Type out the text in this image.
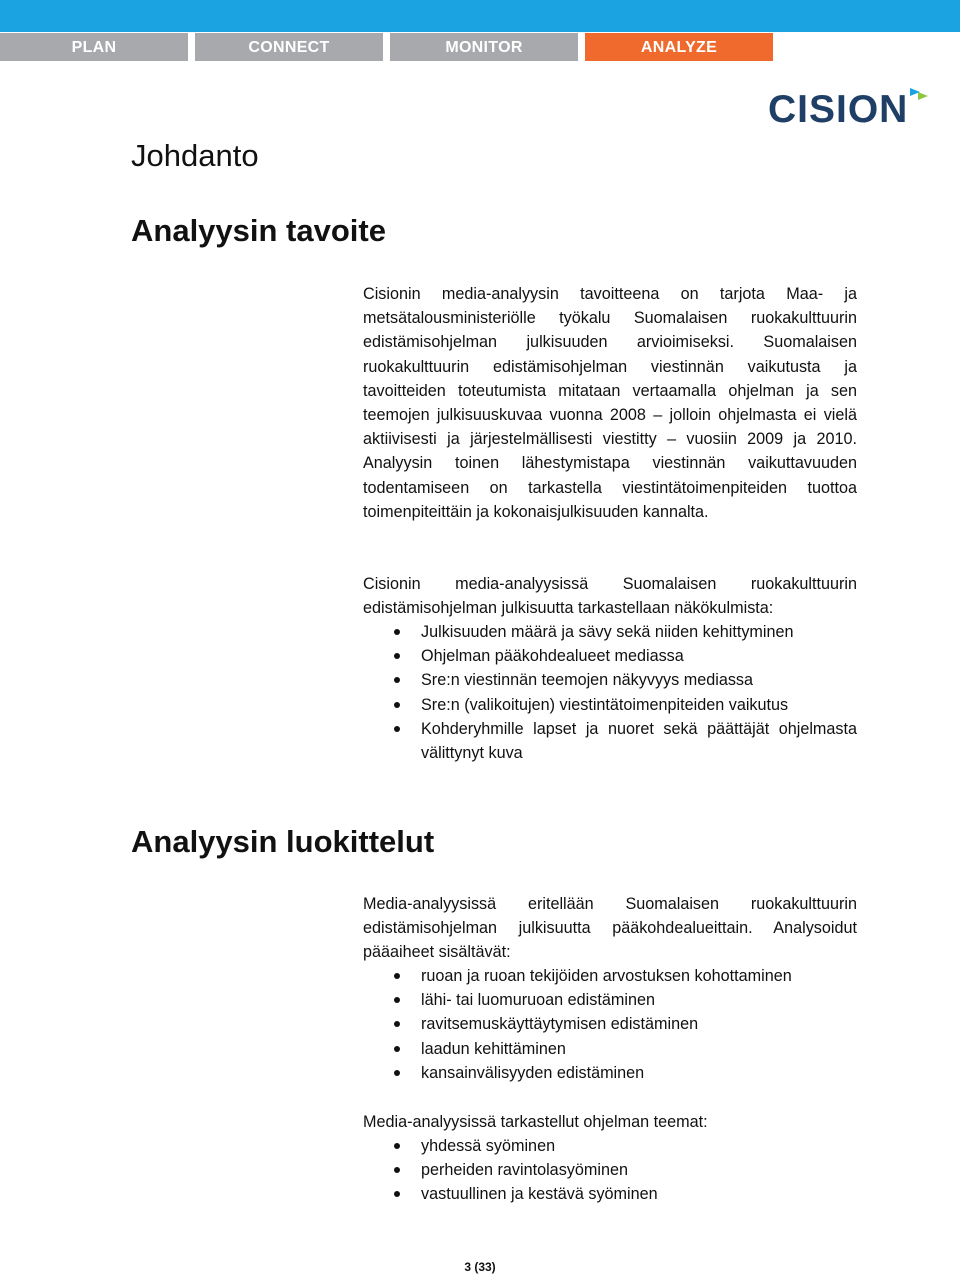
PLAN	CONNECT	MONITOR	ANALYZE
CISION
Johdanto
Analyysin tavoite

Cisionin media-analyysin tavoitteena on tarjota Maa- ja metsätalousministeriölle työkalu Suomalaisen ruokakulttuurin edistämisohjelman julkisuuden arvioimiseksi. Suomalaisen ruokakulttuurin edistämisohjelman viestinnän vaikutusta ja tavoitteiden toteutumista mitataan vertaamalla ohjelman ja sen teemojen julkisuuskuvaa vuonna 2008 – jolloin ohjelmasta ei vielä aktiivisesti ja järjestelmällisesti viestitty – vuosiin 2009 ja 2010. Analyysin toinen lähestymistapa viestinnän vaikuttavuuden todentamiseen on tarkastella viestintätoimenpiteiden tuottoa toimenpiteittäin ja kokonaisjulkisuuden kannalta.

Cisionin media-analyysissä Suomalaisen ruokakulttuurin edistämisohjelman julkisuutta tarkastellaan näkökulmista:

Julkisuuden määrä ja sävy sekä niiden kehittyminen
Ohjelman pääkohdealueet mediassa
Sre:n viestinnän teemojen näkyvyys mediassa
Sre:n (valikoitujen) viestintätoimenpiteiden vaikutus
Kohderyhmille lapset ja nuoret sekä päättäjät ohjelmasta välittynyt kuva
Analyysin luokittelut

Media-analyysissä eritellään Suomalaisen ruokakulttuurin edistämisohjelman julkisuutta pääkohdealueittain. Analysoidut pääaiheet sisältävät:

ruoan ja ruoan tekijöiden arvostuksen kohottaminen
lähi- tai luomuruoan edistäminen
ravitsemuskäyttäytymisen edistäminen
laadun kehittäminen
kansainvälisyyden edistäminen

Media-analyysissä tarkastellut ohjelman teemat:

yhdessä syöminen
perheiden ravintolasyöminen
vastuullinen ja kestävä syöminen
3 (33)
